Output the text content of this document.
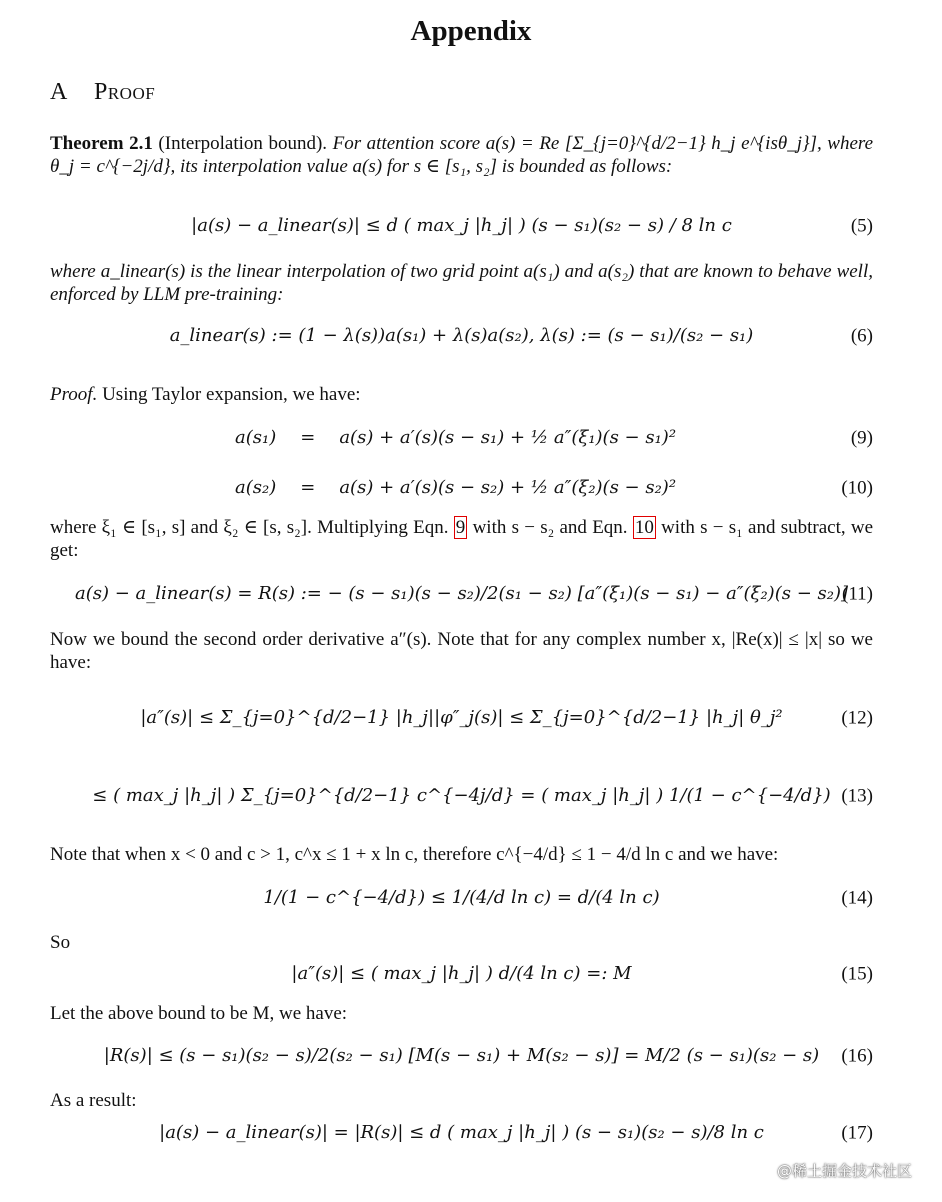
Appendix
A Proof
Theorem 2.1 (Interpolation bound). For attention score a(s) = Re [Σ_{j=0}^{d/2−1} h_j e^{isθ_j}], where θ_j = c^{−2j/d}, its interpolation value a(s) for s ∈ [s₁, s₂] is bounded as follows:
|a(s) − a_linear(s)| ≤ d ( max_j |h_j| ) (s − s₁)(s₂ − s) / 8 ln c	(5)
where a_linear(s) is the linear interpolation of two grid point a(s₁) and a(s₂) that are known to behave well, enforced by LLM pre-training:
a_linear(s) := (1 − λ(s))a(s₁) + λ(s)a(s₂), λ(s) := (s − s₁)/(s₂ − s₁)	(6)
Proof. Using Taylor expansion, we have:
a(s₁) = a(s) + a′(s)(s − s₁) + ½ a″(ξ₁)(s − s₁)²	(9)
a(s₂) = a(s) + a′(s)(s − s₂) + ½ a″(ξ₂)(s − s₂)²	(10)
where ξ₁ ∈ [s₁, s] and ξ₂ ∈ [s, s₂]. Multiplying Eqn. 9 with s − s₂ and Eqn. 10 with s − s₁ and subtract, we get:
a(s) − a_linear(s) = R(s) := − (s − s₁)(s − s₂)/2(s₁ − s₂) [a″(ξ₁)(s − s₁) − a″(ξ₂)(s − s₂)]
(11)
Now we bound the second order derivative a″(s). Note that for any complex number x, |Re(x)| ≤ |x| so we have:
|a″(s)| ≤ Σ_{j=0}^{d/2−1} |h_j||φ″_j(s)| ≤ Σ_{j=0}^{d/2−1} |h_j| θ_j²	(12)
≤ ( max_j |h_j| ) Σ_{j=0}^{d/2−1} c^{−4j/d} = ( max_j |h_j| ) 1/(1 − c^{−4/d}) (13)
Note that when x < 0 and c > 1, c^x ≤ 1 + x ln c, therefore c^{−4/d} ≤ 1 − 4/d ln c and we have:
1/(1 − c^{−4/d}) ≤ 1/(4/d ln c) = d/(4 ln c)	(14)
So
|a″(s)| ≤ ( max_j |h_j| ) d/(4 ln c) =: M	(15)
Let the above bound to be M, we have:
|R(s)| ≤ (s − s₁)(s₂ − s)/2(s₂ − s₁) [M(s − s₁) + M(s₂ − s)] = M/2 (s − s₁)(s₂ − s)	(16)
As a result:
|a(s) − a_linear(s)| = |R(s)| ≤ d ( max_j |h_j| ) (s − s₁)(s₂ − s)/8 ln c	(17)
@稀土掘金技术社区
